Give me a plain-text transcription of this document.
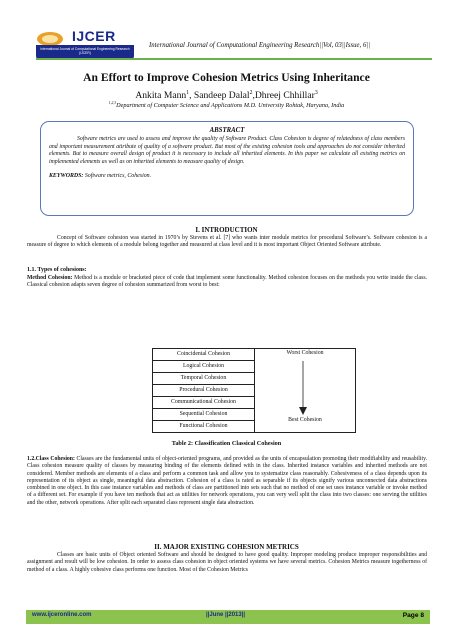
IJCER
International Journal of Computational Engineering Research (IJCER)
International Journal of Computational Engineering Research||Vol, 03||Issue, 6||
An Effort to Improve Cohesion Metrics Using Inheritance
Ankita Mann$^1$, Sandeep Dalal$^2$,Dhreej Chhillar$^3$
$^{1,2,3}$Department of Computer Science and Applications M.D. University Rohtak, Haryana, India
ABSTRACT
Software metrics are used to assess and improve the quality of Software Product. Class Cohesion is degree of relatedness of class members and important measurement attribute of quality of a software product. But most of the existing cohesion tools and approaches do not consider inherited elements. But to measure overall design of product it is necessary to include all inherited elements. In this paper we calculate all existing metrics on implemented elements as well as on inherited elements to measure quality of design.
KEYWORDS: Software metrics, Cohesion.
I. INTRODUCTION
Concept of Software cohesion was started in 1970’s by Stevens et al. [7] who wants inter module metrics for procedural Software’s. Software cohesion is a measure of degree to which elements of a module belong together and measured at class level and it is most important Object Oriented Software attribute.
1.1. Types of cohesions:
Method Cohesion: Method is a module or bracketed piece of code that implement some functionality. Method cohesion focuses on the methods you write inside the class. Classical cohesion adapts seven degree of cohesion summarized from worst to best:
Coincidental Cohesion
Logical Cohesion
Temporal Cohesion
Procedural Cohesion
Communicational Cohesion
Sequential Cohesion
Functional Cohesion
Worst Cohesion
Best Cohesion
Table 2: Classification Classical Cohesion
1.2.Class Cohesion: Classes are the fundamental units of object-oriented programs, and provided as the units of encapsulation promoting their modifiability and reusability. Class cohesion measure quality of classes by measuring binding of the elements defined with in the class. Inherited instance variables and inherited methods are not considered. Member methods are elements of a class and perform a common task and allow you to systematize class reasonably. Cohesiveness of a class depends upon its representation of its object as single, meaningful data abstraction. Cohesion of a class is rated as separable if its objects signify various unconnected data abstractions combined in one object. In this case instance variables and methods of class are partitioned into sets such that no method of one set uses instance variable or invoke method of a different set. For example if you have ten methods that act as utilities for network operations, you can very well split the class into two classes: one serving the utilities and the other, network operations. After split each separated class represent single data abstraction.
II. MAJOR EXISTING COHESION METRICS
Classes are basic units of Object oriented Software and should be designed to have good quality. Improper modeling produce improper responsibilities and assignment and result will be low cohesion. In order to assess class cohesion in object oriented systems we have several metrics. Cohesion Metrics measure togetherness of method of a class. A highly cohesive class performs one function. Most of the Cohesion Metrics
www.ijceronline.com	||June ||2013||	Page 8
